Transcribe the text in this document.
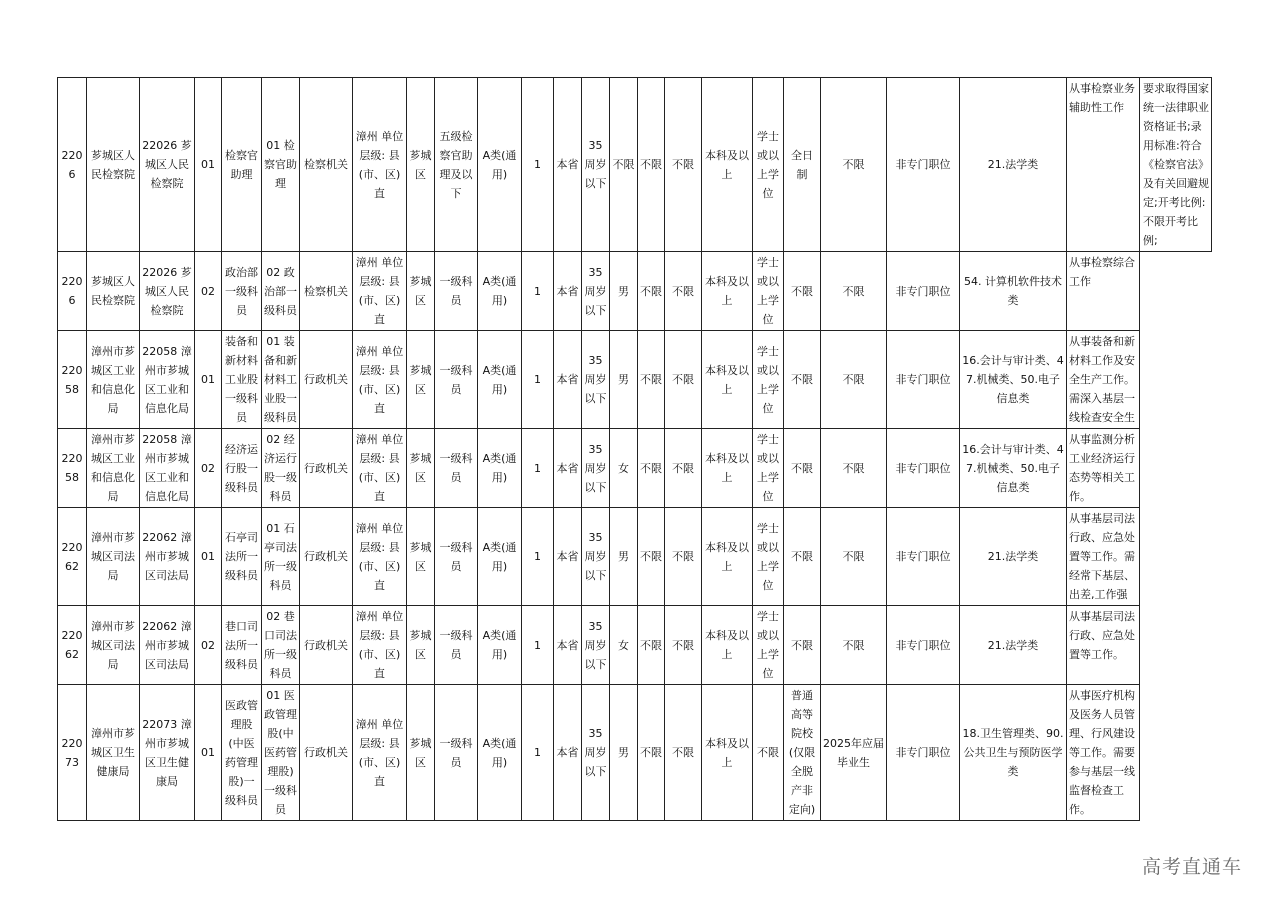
2206	芗城区人民检察院	22026 芗城区人民检察院	01	检察官助理	01 检察官助理	检察机关	漳州 单位层级: 县(市、区)直	芗城区	五级检察官助理及以下	A类(通用)	1	本省	35周岁以下	不限	不限	不限	本科及以上	学士或以上学位	全日制	不限	非专门职位	21.法学类	从事检察业务辅助性工作	要求取得国家统一法律职业资格证书;录用标准:符合《检察官法》及有关回避规定;开考比例:不限开考比例;
2206	芗城区人民检察院	22026 芗城区人民检察院	02	政治部一级科员	02 政治部一级科员	检察机关	漳州 单位层级: 县(市、区)直	芗城区	一级科员	A类(通用)	1	本省	35周岁以下	男	不限	不限	本科及以上	学士或以上学位	不限	不限	非专门职位	54. 计算机软件技术类	从事检察综合工作	
22058	漳州市芗城区工业和信息化局	22058 漳州市芗城区工业和信息化局	01	装备和新材料工业股一级科员	01 装备和新材料工业股一级科员	行政机关	漳州 单位层级: 县(市、区)直	芗城区	一级科员	A类(通用)	1	本省	35周岁以下	男	不限	不限	本科及以上	学士或以上学位	不限	不限	非专门职位	16.会计与审计类、47.机械类、50.电子信息类	从事装备和新材料工作及安全生产工作。需深入基层一线检查安全生	
22058	漳州市芗城区工业和信息化局	22058 漳州市芗城区工业和信息化局	02	经济运行股一级科员	02 经济运行股一级科员	行政机关	漳州 单位层级: 县(市、区)直	芗城区	一级科员	A类(通用)	1	本省	35周岁以下	女	不限	不限	本科及以上	学士或以上学位	不限	不限	非专门职位	16.会计与审计类、47.机械类、50.电子信息类	从事监测分析工业经济运行态势等相关工作。	
22062	漳州市芗城区司法局	22062 漳州市芗城区司法局	01	石亭司法所一级科员	01 石亭司法所一级科员	行政机关	漳州 单位层级: 县(市、区)直	芗城区	一级科员	A类(通用)	1	本省	35周岁以下	男	不限	不限	本科及以上	学士或以上学位	不限	不限	非专门职位	21.法学类	从事基层司法行政、应急处置等工作。需经常下基层、出差,工作强	
22062	漳州市芗城区司法局	22062 漳州市芗城区司法局	02	巷口司法所一级科员	02 巷口司法所一级科员	行政机关	漳州 单位层级: 县(市、区)直	芗城区	一级科员	A类(通用)	1	本省	35周岁以下	女	不限	不限	本科及以上	学士或以上学位	不限	不限	非专门职位	21.法学类	从事基层司法行政、应急处置等工作。	
22073	漳州市芗城区卫生健康局	22073 漳州市芗城区卫生健康局	01	医政管理股(中医药管理股)一级科员	01 医政管理股(中医药管理股)一级科员	行政机关	漳州 单位层级: 县(市、区)直	芗城区	一级科员	A类(通用)	1	本省	35周岁以下	男	不限	不限	本科及以上	不限	普通高等院校(仅限全脱产非定向)	2025年应届毕业生	非专门职位	18.卫生管理类、90.公共卫生与预防医学类	从事医疗机构及医务人员管理、行风建设等工作。需要参与基层一线监督检查工作。	
高考直通车
